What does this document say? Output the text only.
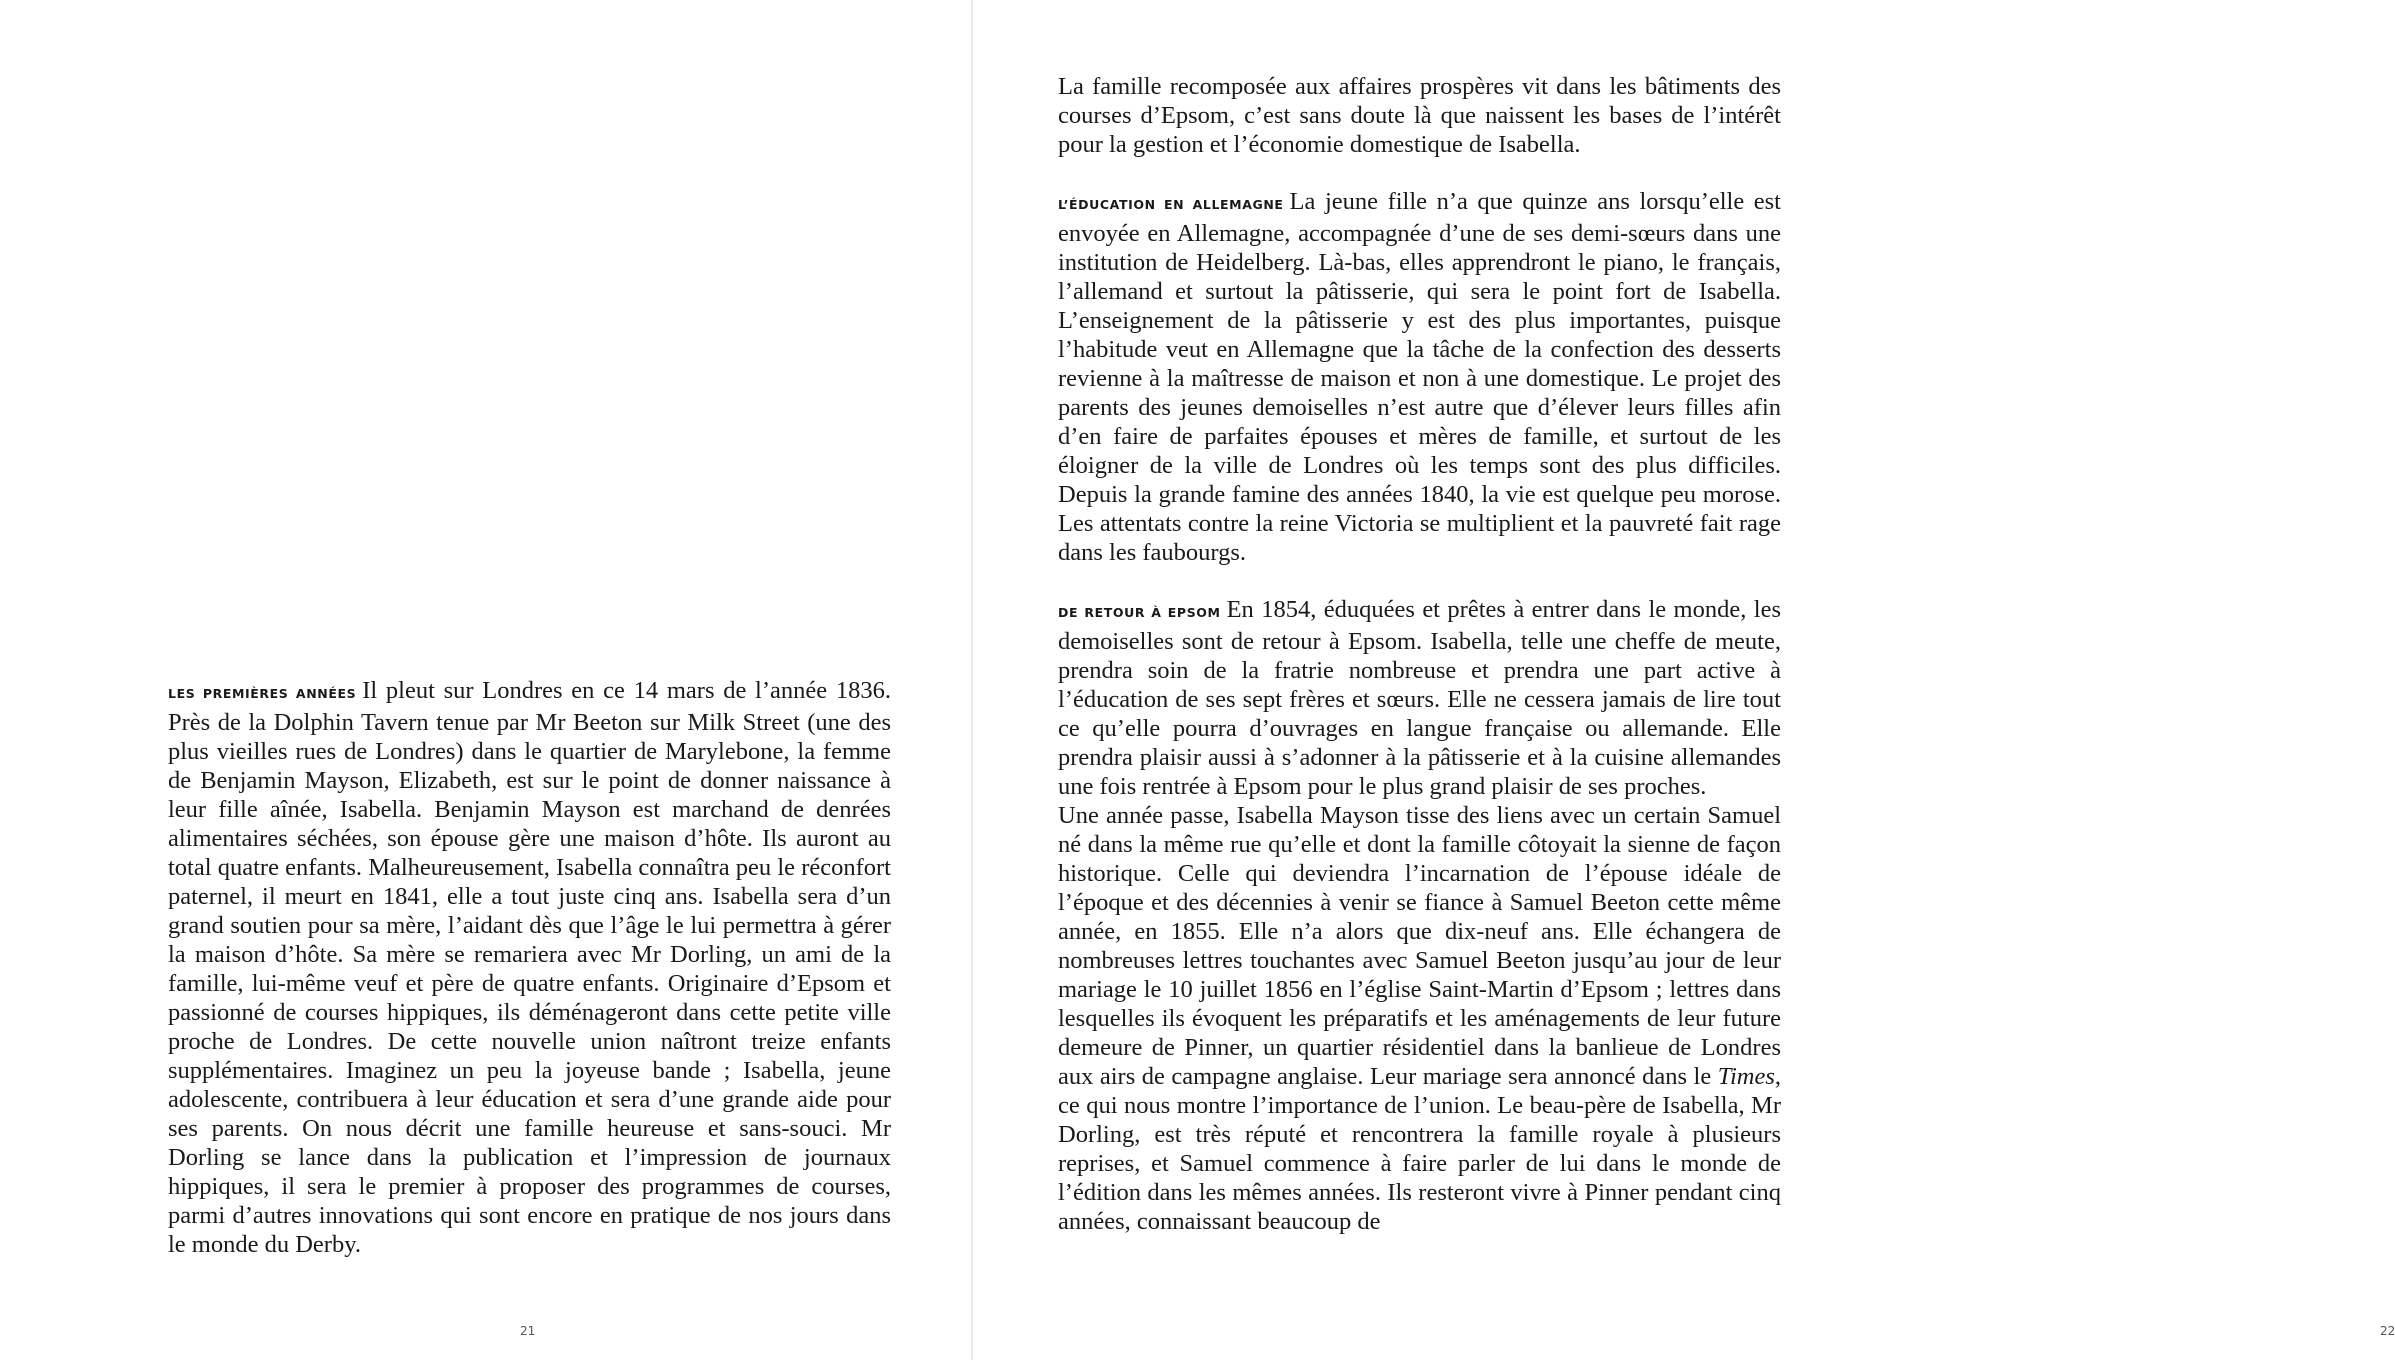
LES PREMIÈRES ANNÉES Il pleut sur Londres en ce 14 mars de l’année 1836. Près de la Dolphin Tavern tenue par Mr Beeton sur Milk Street (une des plus vieilles rues de Londres) dans le quartier de Marylebone, la femme de Benjamin Mayson, Elizabeth, est sur le point de donner naissance à leur fille aînée, Isabella. Benjamin Mayson est marchand de denrées alimentaires séchées, son épouse gère une maison d’hôte. Ils auront au total quatre enfants. Malheureusement, Isabella connaîtra peu le réconfort paternel, il meurt en 1841, elle a tout juste cinq ans. Isabella sera d’un grand soutien pour sa mère, l’aidant dès que l’âge le lui permettra à gérer la maison d’hôte. Sa mère se remariera avec Mr Dorling, un ami de la famille, lui-même veuf et père de quatre enfants. Originaire d’Epsom et passionné de courses hippiques, ils déménageront dans cette petite ville proche de Londres. De cette nouvelle union naîtront treize enfants supplémentaires. Imaginez un peu la joyeuse bande ; Isabella, jeune adolescente, contribuera à leur éducation et sera d’une grande aide pour ses parents. On nous décrit une famille heureuse et sans-souci. Mr Dorling se lance dans la publication et l’impression de journaux hippiques, il sera le premier à proposer des programmes de courses, parmi d’autres innovations qui sont encore en pratique de nos jours dans le monde du Derby.

21

La famille recomposée aux affaires prospères vit dans les bâtiments des courses d’Epsom, c’est sans doute là que naissent les bases de l’intérêt pour la gestion et l’économie domestique de Isabella.

L’ÉDUCATION EN ALLEMAGNE La jeune fille n’a que quinze ans lorsqu’elle est envoyée en Allemagne, accompagnée d’une de ses demi-sœurs dans une institution de Heidelberg. Là-bas, elles apprendront le piano, le français, l’allemand et surtout la pâtisserie, qui sera le point fort de Isabella. L’enseignement de la pâtisserie y est des plus importantes, puisque l’habitude veut en Allemagne que la tâche de la confection des desserts revienne à la maîtresse de maison et non à une domestique. Le projet des parents des jeunes demoiselles n’est autre que d’élever leurs filles afin d’en faire de parfaites épouses et mères de famille, et surtout de les éloigner de la ville de Londres où les temps sont des plus difficiles. Depuis la grande famine des années 1840, la vie est quelque peu morose. Les attentats contre la reine Victoria se multiplient et la pauvreté fait rage dans les faubourgs.

DE RETOUR À EPSOM En 1854, éduquées et prêtes à entrer dans le monde, les demoiselles sont de retour à Epsom. Isabella, telle une cheffe de meute, prendra soin de la fratrie nombreuse et prendra une part active à l’éducation de ses sept frères et sœurs. Elle ne cessera jamais de lire tout ce qu’elle pourra d’ouvrages en langue française ou allemande. Elle prendra plaisir aussi à s’adonner à la pâtisserie et à la cuisine allemandes une fois rentrée à Epsom pour le plus grand plaisir de ses proches.

Une année passe, Isabella Mayson tisse des liens avec un certain Samuel né dans la même rue qu’elle et dont la famille côtoyait la sienne de façon historique. Celle qui deviendra l’incarnation de l’épouse idéale de l’époque et des décennies à venir se fiance à Samuel Beeton cette même année, en 1855. Elle n’a alors que dix-neuf ans. Elle échangera de nombreuses lettres touchantes avec Samuel Beeton jusqu’au jour de leur mariage le 10 juillet 1856 en l’église Saint-Martin d’Epsom ; lettres dans lesquelles ils évoquent les préparatifs et les aménagements de leur future demeure de Pinner, un quartier résidentiel dans la banlieue de Londres aux airs de campagne anglaise. Leur mariage sera annoncé dans le Times, ce qui nous montre l’importance de l’union. Le beau-père de Isabella, Mr Dorling, est très réputé et rencontrera la famille royale à plusieurs reprises, et Samuel commence à faire parler de lui dans le monde de l’édition dans les mêmes années. Ils resteront vivre à Pinner pendant cinq années, connaissant beaucoup de

22
